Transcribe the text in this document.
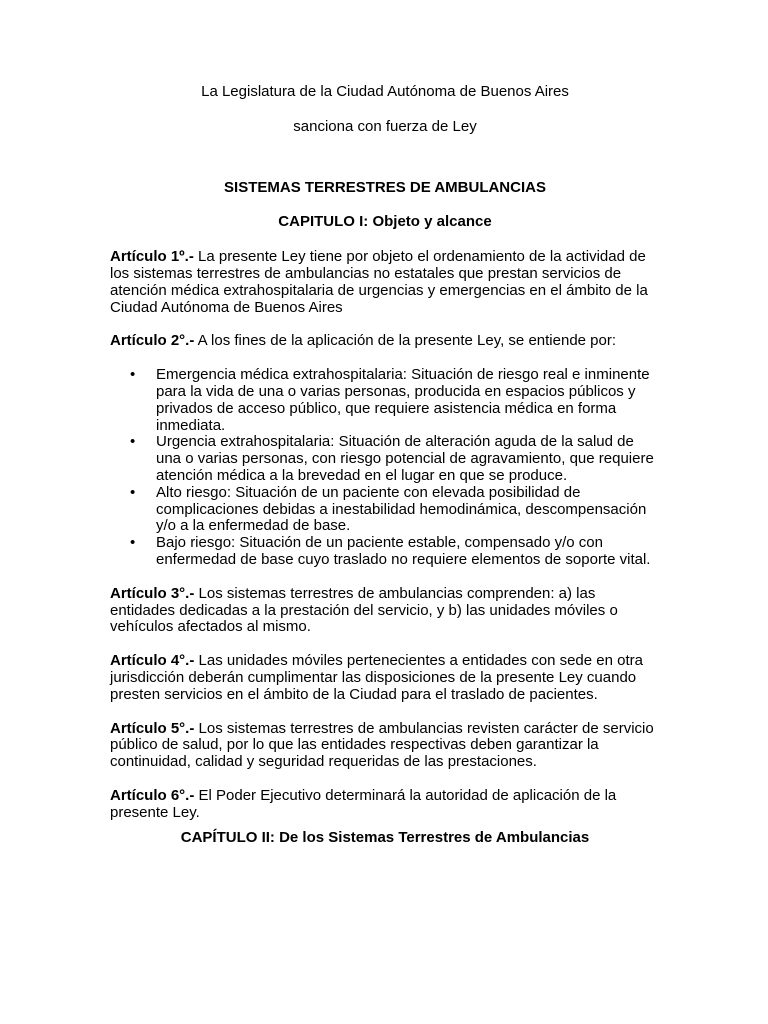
La Legislatura de la Ciudad Autónoma de Buenos Aires

sanciona con fuerza de Ley

SISTEMAS TERRESTRES DE AMBULANCIAS

CAPITULO I: Objeto y alcance

Artículo 1º.- La presente Ley tiene por objeto el ordenamiento de la actividad de los sistemas terrestres de ambulancias no estatales que prestan servicios de atención médica extrahospitalaria de urgencias y emergencias en el ámbito de la Ciudad Autónoma de Buenos Aires

Artículo 2°.- A los fines de la aplicación de la presente Ley, se entiende por:

• Emergencia médica extrahospitalaria: Situación de riesgo real e inminente para la vida de una o varias personas, producida en espacios públicos y privados de acceso público, que requiere asistencia médica en forma inmediata.
• Urgencia extrahospitalaria: Situación de alteración aguda de la salud de una o varias personas, con riesgo potencial de agravamiento, que requiere atención médica a la brevedad en el lugar en que se produce.
• Alto riesgo: Situación de un paciente con elevada posibilidad de complicaciones debidas a inestabilidad hemodinámica, descompensación y/o a la enfermedad de base.
• Bajo riesgo: Situación de un paciente estable, compensado y/o con enfermedad de base cuyo traslado no requiere elementos de soporte vital.

Artículo 3°.- Los sistemas terrestres de ambulancias comprenden: a) las entidades dedicadas a la prestación del servicio, y b) las unidades móviles o vehículos afectados al mismo.

Artículo 4°.- Las unidades móviles pertenecientes a entidades con sede en otra jurisdicción deberán cumplimentar las disposiciones de la presente Ley cuando presten servicios en el ámbito de la Ciudad para el traslado de pacientes.

Artículo 5°.- Los sistemas terrestres de ambulancias revisten carácter de servicio público de salud, por lo que las entidades respectivas deben garantizar la continuidad, calidad y seguridad requeridas de las prestaciones.

Artículo 6°.- El Poder Ejecutivo determinará la autoridad de aplicación de la presente Ley.

CAPÍTULO II: De los Sistemas Terrestres de Ambulancias
